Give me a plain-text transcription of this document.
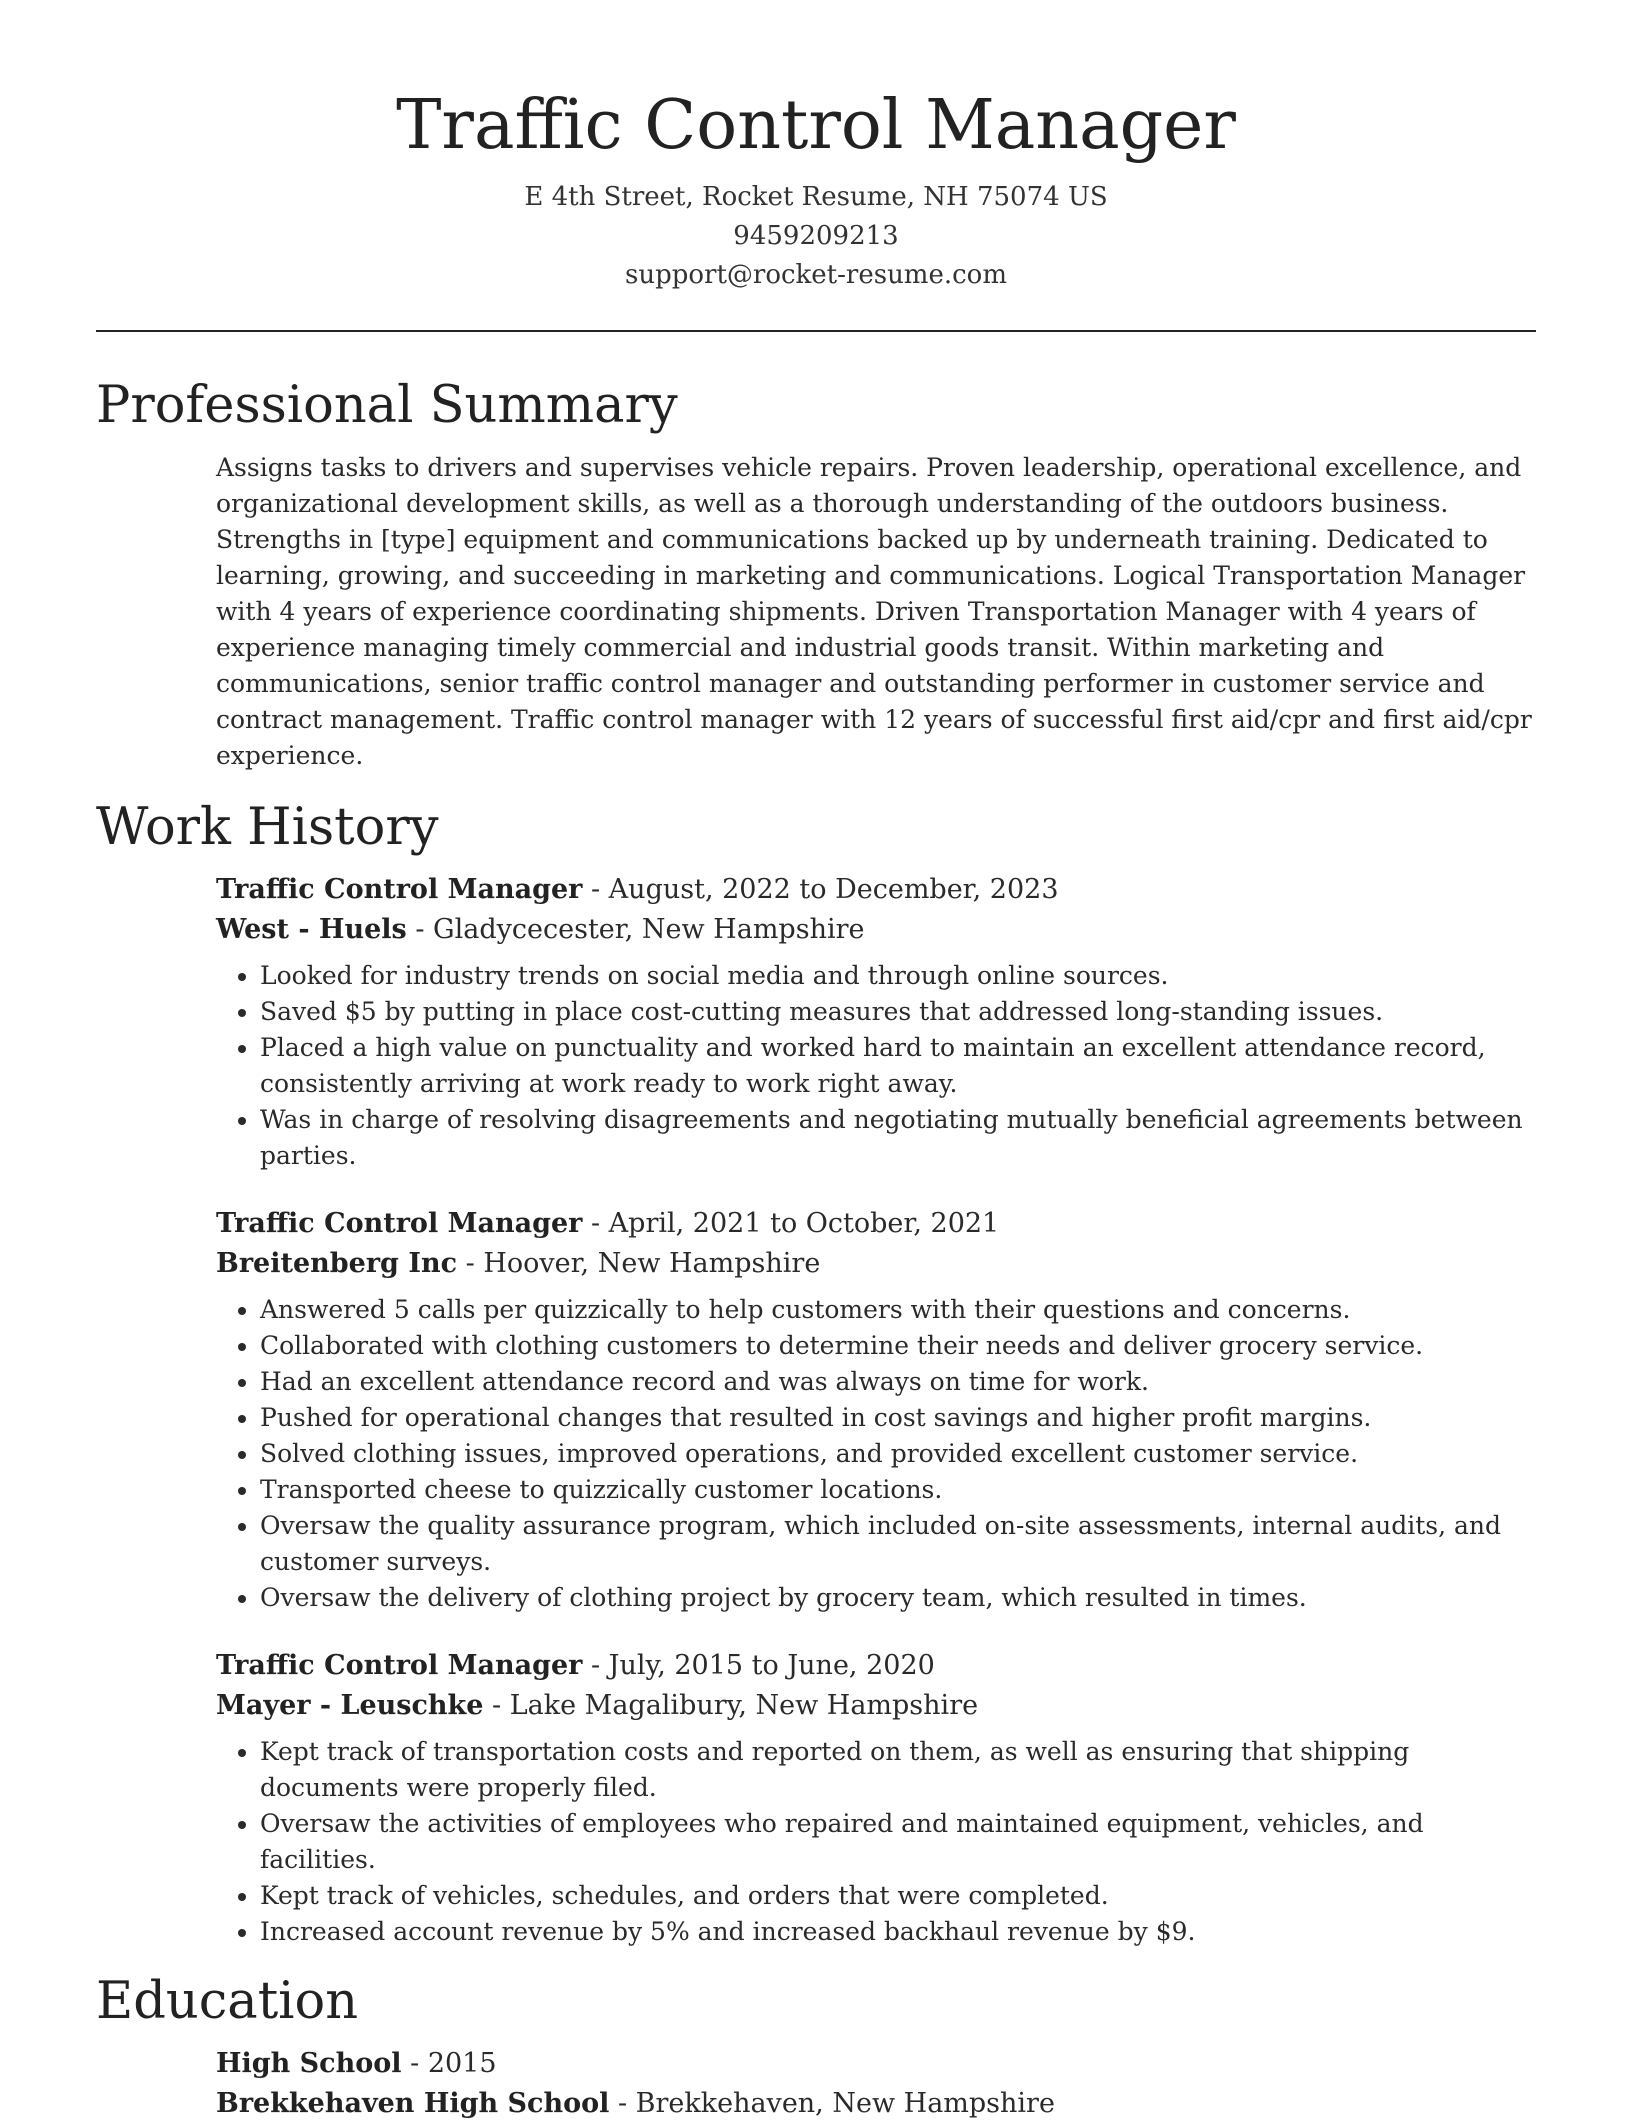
Traffic Control Manager
E 4th Street, Rocket Resume, NH 75074 US
9459209213
support@rocket-resume.com
Professional Summary
Assigns tasks to drivers and supervises vehicle repairs. Proven leadership, operational excellence, and organizational development skills, as well as a thorough understanding of the outdoors business. Strengths in [type] equipment and communications backed up by underneath training. Dedicated to learning, growing, and succeeding in marketing and communications. Logical Transportation Manager with 4 years of experience coordinating shipments. Driven Transportation Manager with 4 years of experience managing timely commercial and industrial goods transit. Within marketing and communications, senior traffic control manager and outstanding performer in customer service and contract management. Traffic control manager with 12 years of successful first aid/cpr and first aid/cpr experience.
Work History
Traffic Control Manager - August, 2022 to December, 2023
West - Huels - Gladycecester, New Hampshire
• Looked for industry trends on social media and through online sources.
• Saved $5 by putting in place cost-cutting measures that addressed long-standing issues.
• Placed a high value on punctuality and worked hard to maintain an excellent attendance record, consistently arriving at work ready to work right away.
• Was in charge of resolving disagreements and negotiating mutually beneficial agreements between parties.
Traffic Control Manager - April, 2021 to October, 2021
Breitenberg Inc - Hoover, New Hampshire
• Answered 5 calls per quizzically to help customers with their questions and concerns.
• Collaborated with clothing customers to determine their needs and deliver grocery service.
• Had an excellent attendance record and was always on time for work.
• Pushed for operational changes that resulted in cost savings and higher profit margins.
• Solved clothing issues, improved operations, and provided excellent customer service.
• Transported cheese to quizzically customer locations.
• Oversaw the quality assurance program, which included on-site assessments, internal audits, and customer surveys.
• Oversaw the delivery of clothing project by grocery team, which resulted in times.
Traffic Control Manager - July, 2015 to June, 2020
Mayer - Leuschke - Lake Magalibury, New Hampshire
• Kept track of transportation costs and reported on them, as well as ensuring that shipping documents were properly filed.
• Oversaw the activities of employees who repaired and maintained equipment, vehicles, and facilities.
• Kept track of vehicles, schedules, and orders that were completed.
• Increased account revenue by 5% and increased backhaul revenue by $9.
Education
High School - 2015
Brekkehaven High School - Brekkehaven, New Hampshire
